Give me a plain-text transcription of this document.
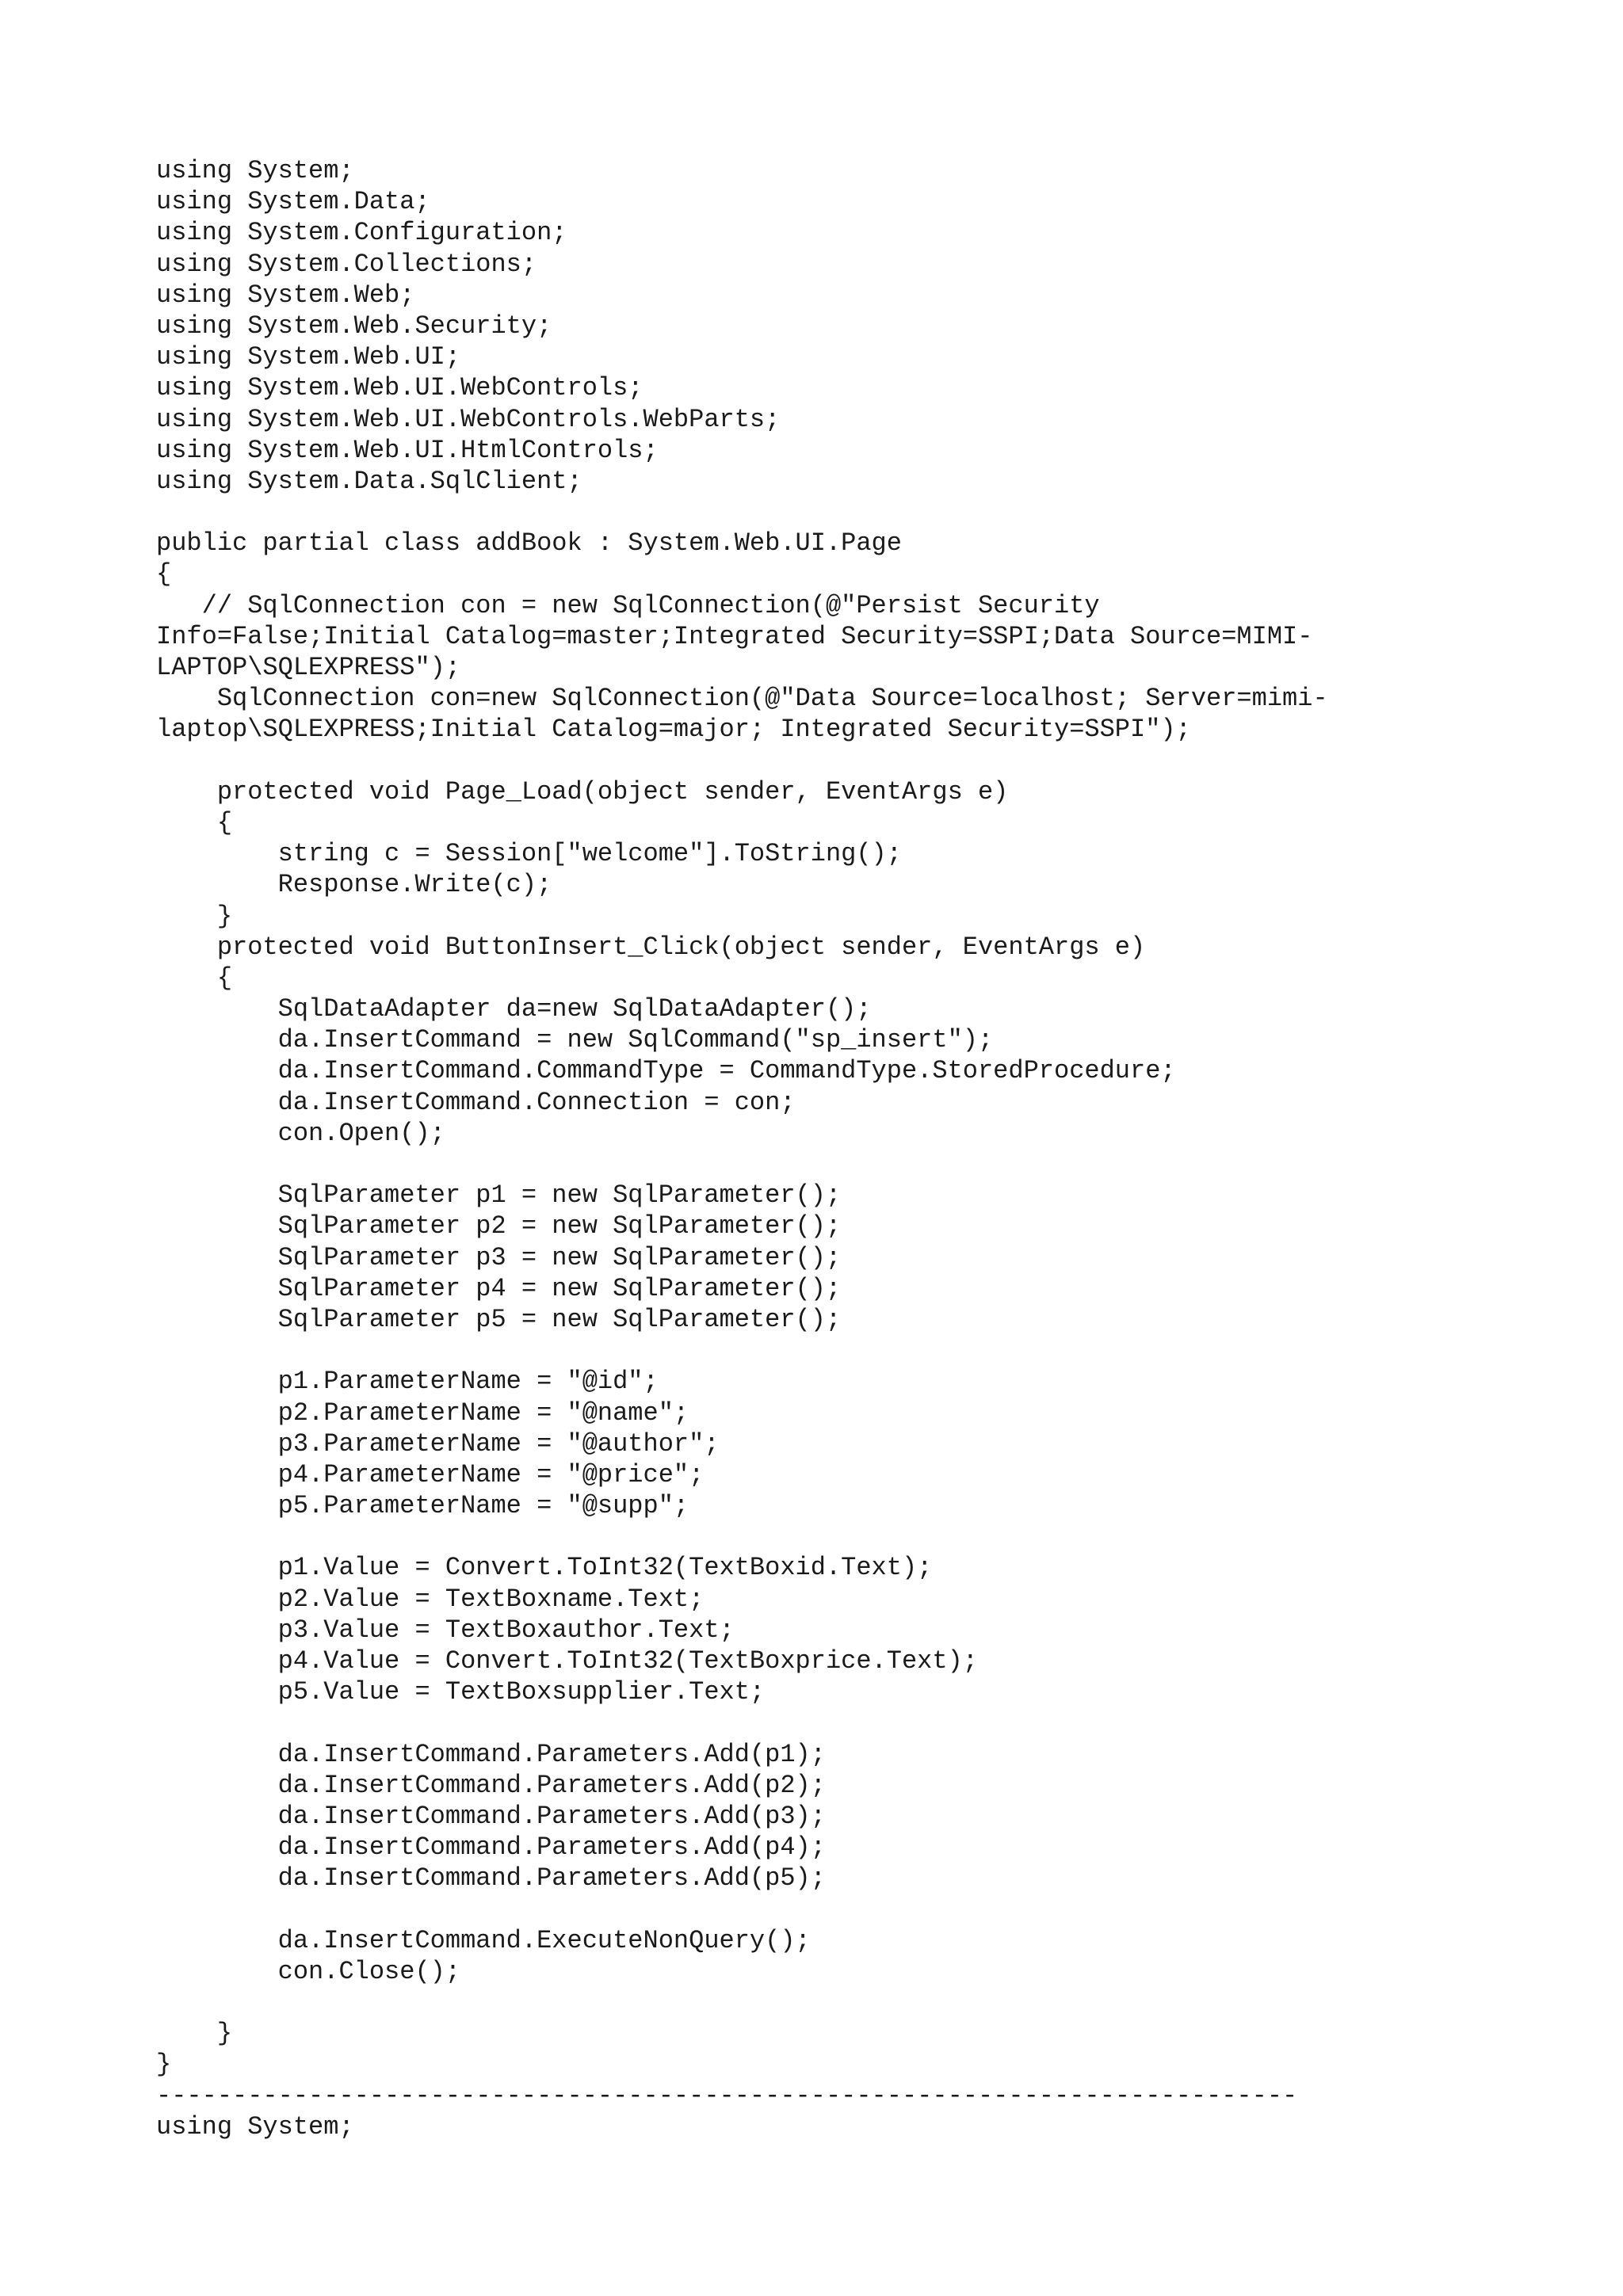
using System;
using System.Data;
using System.Configuration;
using System.Collections;
using System.Web;
using System.Web.Security;
using System.Web.UI;
using System.Web.UI.WebControls;
using System.Web.UI.WebControls.WebParts;
using System.Web.UI.HtmlControls;
using System.Data.SqlClient;
public partial class addBook : System.Web.UI.Page
{
// SqlConnection con = new SqlConnection(@"Persist Security
Info=False;Initial Catalog=master;Integrated Security=SSPI;Data Source=MIMI-
LAPTOP\SQLEXPRESS");
SqlConnection con=new SqlConnection(@"Data Source=localhost; Server=mimi-
laptop\SQLEXPRESS;Initial Catalog=major; Integrated Security=SSPI");
protected void Page_Load(object sender, EventArgs e)
{
string c = Session["welcome"].ToString();
Response.Write(c);
}
protected void ButtonInsert_Click(object sender, EventArgs e)
{
SqlDataAdapter da=new SqlDataAdapter();
da.InsertCommand = new SqlCommand("sp_insert");
da.InsertCommand.CommandType = CommandType.StoredProcedure;
da.InsertCommand.Connection = con;
con.Open();
SqlParameter p1 = new SqlParameter();
SqlParameter p2 = new SqlParameter();
SqlParameter p3 = new SqlParameter();
SqlParameter p4 = new SqlParameter();
SqlParameter p5 = new SqlParameter();
p1.ParameterName = "@id";
p2.ParameterName = "@name";
p3.ParameterName = "@author";
p4.ParameterName = "@price";
p5.ParameterName = "@supp";
p1.Value = Convert.ToInt32(TextBoxid.Text);
p2.Value = TextBoxname.Text;
p3.Value = TextBoxauthor.Text;
p4.Value = Convert.ToInt32(TextBoxprice.Text);
p5.Value = TextBoxsupplier.Text;
da.InsertCommand.Parameters.Add(p1);
da.InsertCommand.Parameters.Add(p2);
da.InsertCommand.Parameters.Add(p3);
da.InsertCommand.Parameters.Add(p4);
da.InsertCommand.Parameters.Add(p5);
da.InsertCommand.ExecuteNonQuery();
con.Close();
}
}
---------------------------------------------------------------------------
using System;
